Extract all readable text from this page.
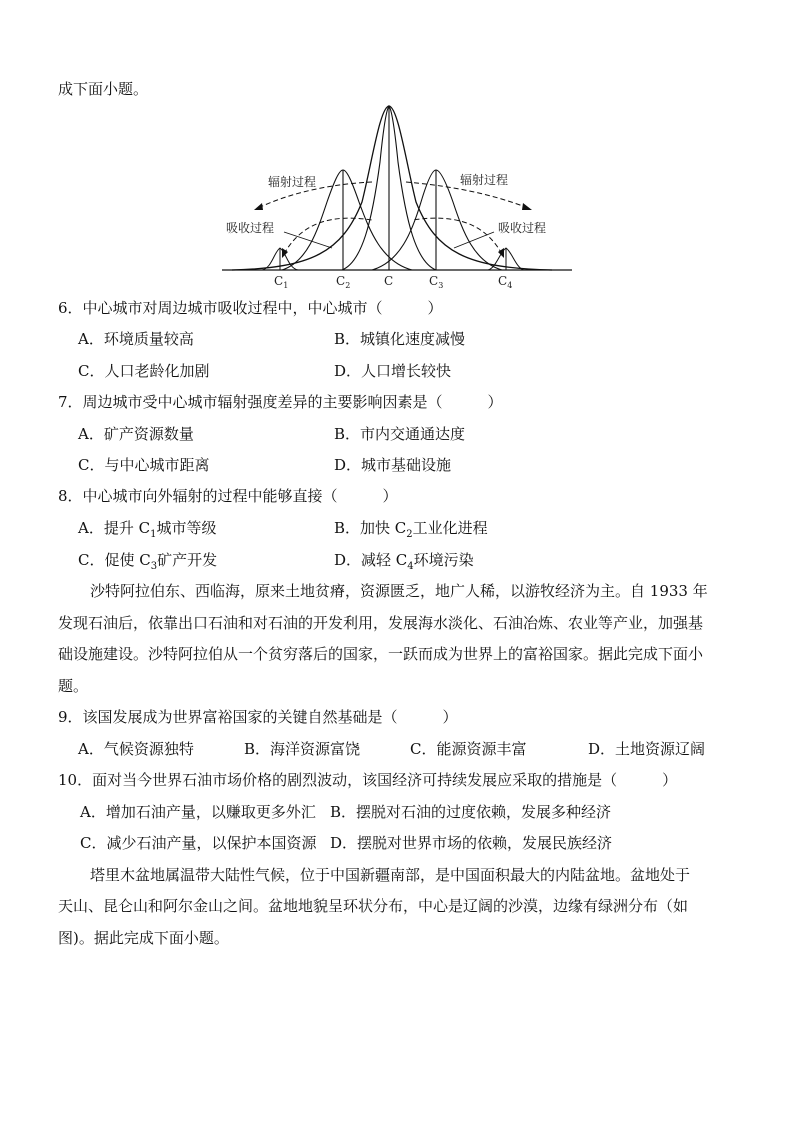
成下面小题。
辐射过程	辐射过程
吸收过程	吸收过程
$C_1$	$C_2$	C	$C_3$	$C_4$
6．中心城市对周边城市吸收过程中，中心城市（　　　）
A．环境质量较高	B．城镇化速度减慢
C．人口老龄化加剧	D．人口增长较快
7．周边城市受中心城市辐射强度差异的主要影响因素是（　　　）
A．矿产资源数量	B．市内交通通达度
C．与中心城市距离	D．城市基础设施
8．中心城市向外辐射的过程中能够直接（　　　）
A．提升 $C_1$城市等级	B．加快 $C_2$工业化进程
C．促使 $C_3$矿产开发	D．减轻 $C_4$环境污染
沙特阿拉伯东、西临海，原来土地贫瘠，资源匮乏，地广人稀，以游牧经济为主。自 1933 年
发现石油后，依靠出口石油和对石油的开发利用，发展海水淡化、石油冶炼、农业等产业，加强基
础设施建设。沙特阿拉伯从一个贫穷落后的国家，一跃而成为世界上的富裕国家。据此完成下面小
题。
9．该国发展成为世界富裕国家的关键自然基础是（　　　）
A．气候资源独特	B．海洋资源富饶	C．能源资源丰富	D．土地资源辽阔
10．面对当今世界石油市场价格的剧烈波动，该国经济可持续发展应采取的措施是（　　　）
A．增加石油产量，以赚取更多外汇 B．摆脱对石油的过度依赖，发展多种经济
C．减少石油产量，以保护本国资源 D．摆脱对世界市场的依赖，发展民族经济
塔里木盆地属温带大陆性气候，位于中国新疆南部，是中国面积最大的内陆盆地。盆地处于
天山、昆仑山和阿尔金山之间。盆地地貌呈环状分布，中心是辽阔的沙漠，边缘有绿洲分布（如
图)。据此完成下面小题。
